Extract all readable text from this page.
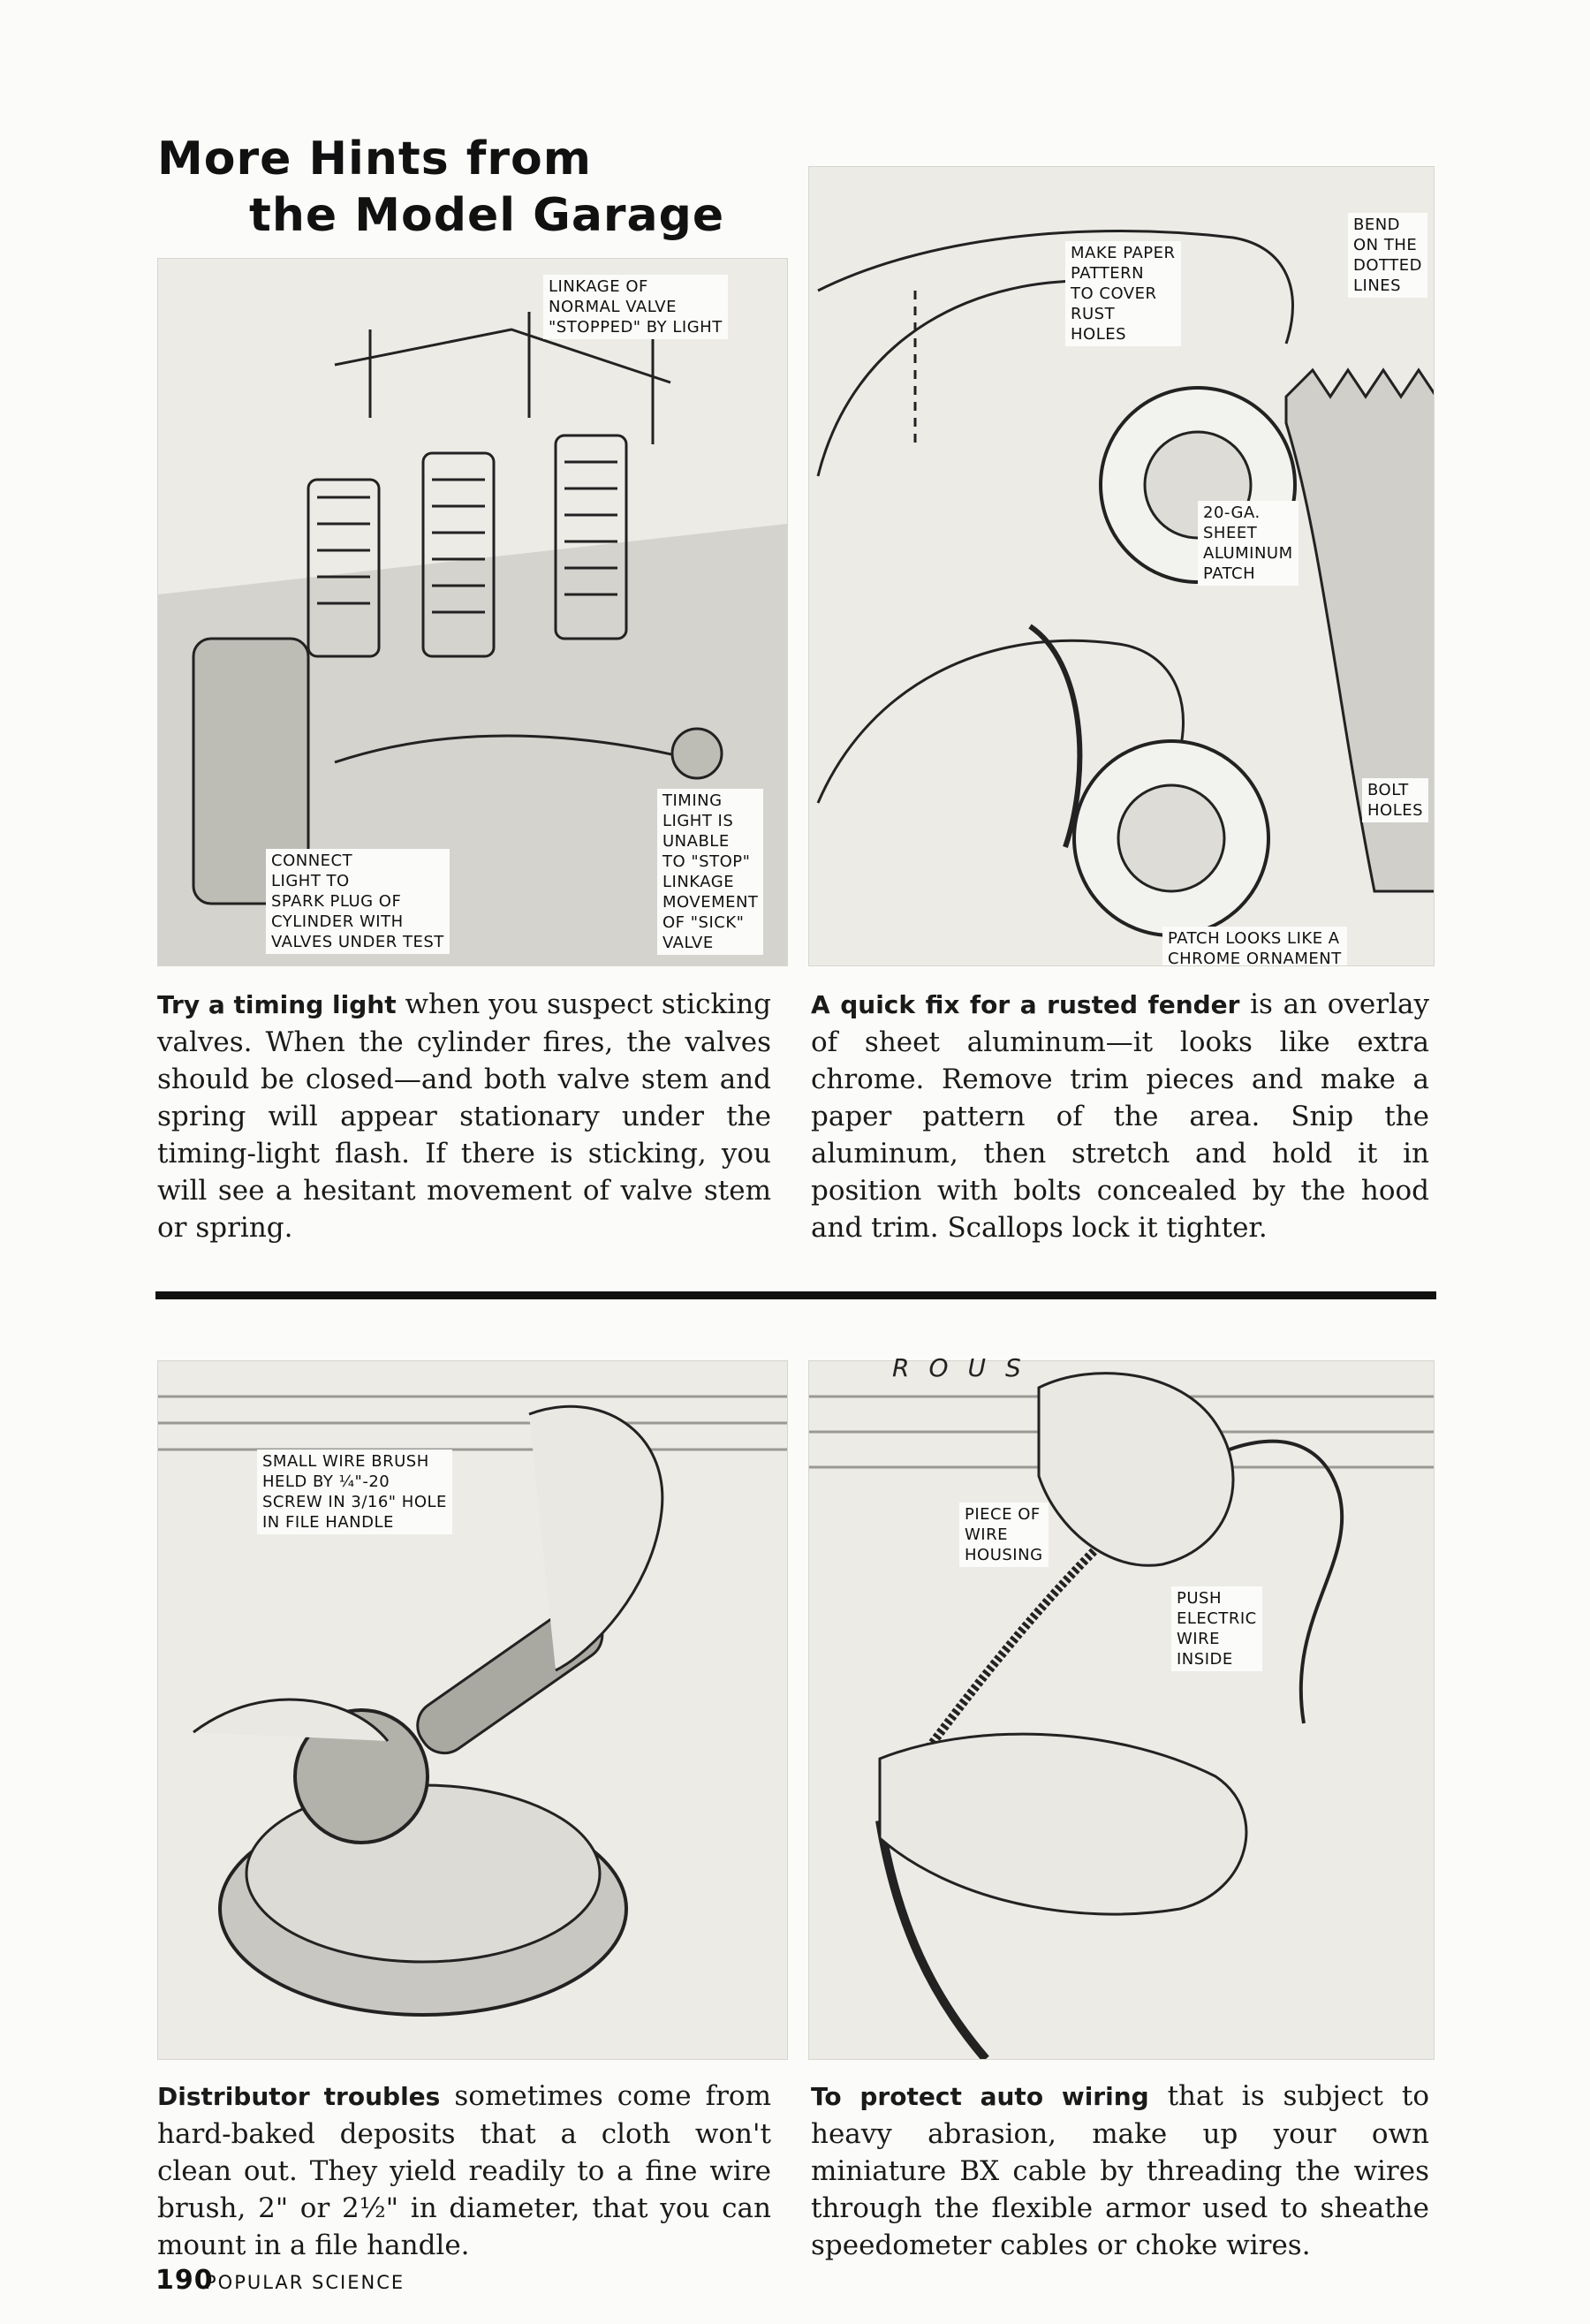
More Hints from
the Model Garage
LINKAGE OF
NORMAL VALVE
"STOPPED" BY LIGHT
CONNECT
LIGHT TO
SPARK PLUG OF
CYLINDER WITH
VALVES UNDER TEST
TIMING
LIGHT IS
UNABLE
TO "STOP"
LINKAGE
MOVEMENT
OF "SICK"
VALVE
MAKE PAPER
PATTERN
TO COVER
RUST
HOLES
BEND
ON THE
DOTTED
LINES
20-GA.
SHEET
ALUMINUM
PATCH
BOLT
HOLES
PATCH LOOKS LIKE A
CHROME ORNAMENT
Try a timing light when you suspect sticking valves. When the cylinder fires, the valves should be closed—and both valve stem and spring will appear stationary under the timing-light flash. If there is sticking, you will see a hesitant movement of valve stem or spring.
A quick fix for a rusted fender is an overlay of sheet aluminum—it looks like extra chrome. Remove trim pieces and make a paper pattern of the area. Snip the aluminum, then stretch and hold it in position with bolts concealed by the hood and trim. Scallops lock it tighter.
SMALL WIRE BRUSH
HELD BY ¼"-20
SCREW IN 3/16" HOLE
IN FILE HANDLE	PIECE OF
WIRE
HOUSING
PUSH
ELECTRIC
WIRE
INSIDE
ROUS
Distributor troubles sometimes come from hard-baked deposits that a cloth won't clean out. They yield readily to a fine wire brush, 2" or 2½" in diameter, that you can mount in a file handle.
To protect auto wiring that is subject to heavy abrasion, make up your own miniature BX cable by threading the wires through the flexible armor used to sheathe speedometer cables or choke wires.
190
POPULAR SCIENCE
